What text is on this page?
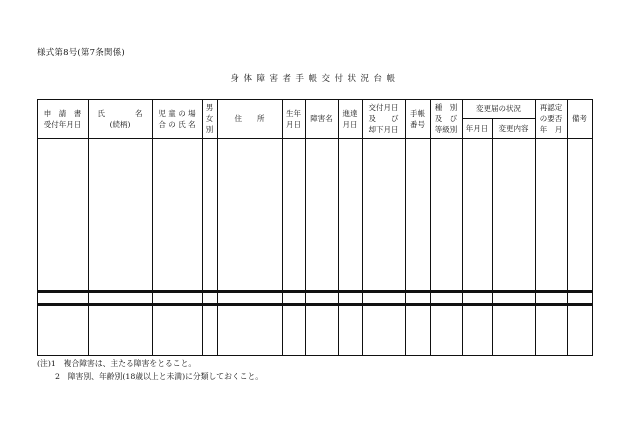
様式第8号(第7条関係)
身体障害者手帳交付状況台帳
申　請　書
受付年月日
氏　　　　名
(続柄)
児 童 の 場
合 の 氏 名
男
女
別
住　　所
生年
月日
障害名
進達
月日
交付月日
及　　び
却下月日
手帳
番号
種　別
及　び
等級別
変更届の状況
年月日	変更内容
再認定
の要否
年　月
備考
(注)1　複合障害は、主たる障害をとること。
2　障害別、年齢別(18歳以上と未満)に分類しておくこと。
